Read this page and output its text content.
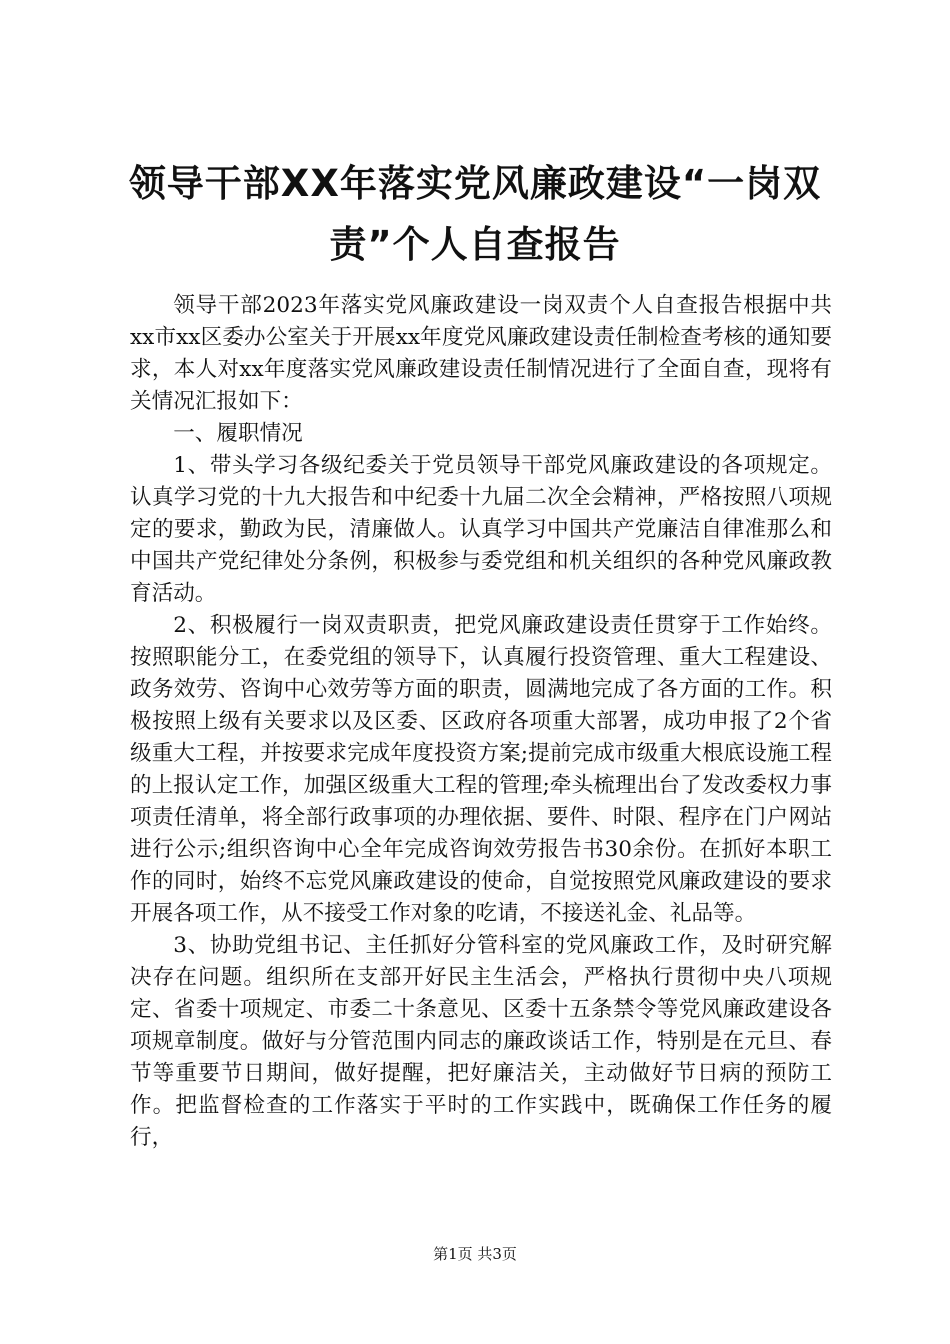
领导干部XX年落实党风廉政建设“一岗双
责”个人自查报告

领导干部2023年落实党风廉政建设一岗双责个人自查报告根据中共xx市xx区委办公室关于开展xx年度党风廉政建设责任制检查考核的通知要求，本人对xx年度落实党风廉政建设责任制情况进行了全面自查，现将有关情况汇报如下：

一、履职情况

1、带头学习各级纪委关于党员领导干部党风廉政建设的各项规定。认真学习党的十九大报告和中纪委十九届二次全会精神，严格按照八项规定的要求，勤政为民，清廉做人。认真学习中国共产党廉洁自律准那么和中国共产党纪律处分条例，积极参与委党组和机关组织的各种党风廉政教育活动。

2、积极履行一岗双责职责，把党风廉政建设责任贯穿于工作始终。按照职能分工，在委党组的领导下，认真履行投资管理、重大工程建设、政务效劳、咨询中心效劳等方面的职责，圆满地完成了各方面的工作。积极按照上级有关要求以及区委、区政府各项重大部署，成功申报了2个省级重大工程，并按要求完成年度投资方案;提前完成市级重大根底设施工程的上报认定工作，加强区级重大工程的管理;牵头梳理出台了发改委权力事项责任清单，将全部行政事项的办理依据、要件、时限、程序在门户网站进行公示;组织咨询中心全年完成咨询效劳报告书30余份。在抓好本职工作的同时，始终不忘党风廉政建设的使命，自觉按照党风廉政建设的要求开展各项工作，从不接受工作对象的吃请，不接送礼金、礼品等。

3、协助党组书记、主任抓好分管科室的党风廉政工作，及时研究解决存在问题。组织所在支部开好民主生活会，严格执行贯彻中央八项规定、省委十项规定、市委二十条意见、区委十五条禁令等党风廉政建设各项规章制度。做好与分管范围内同志的廉政谈话工作，特别是在元旦、春节等重要节日期间，做好提醒，把好廉洁关，主动做好节日病的预防工作。把监督检查的工作落实于平时的工作实践中，既确保工作任务的履行，

第1页 共3页
